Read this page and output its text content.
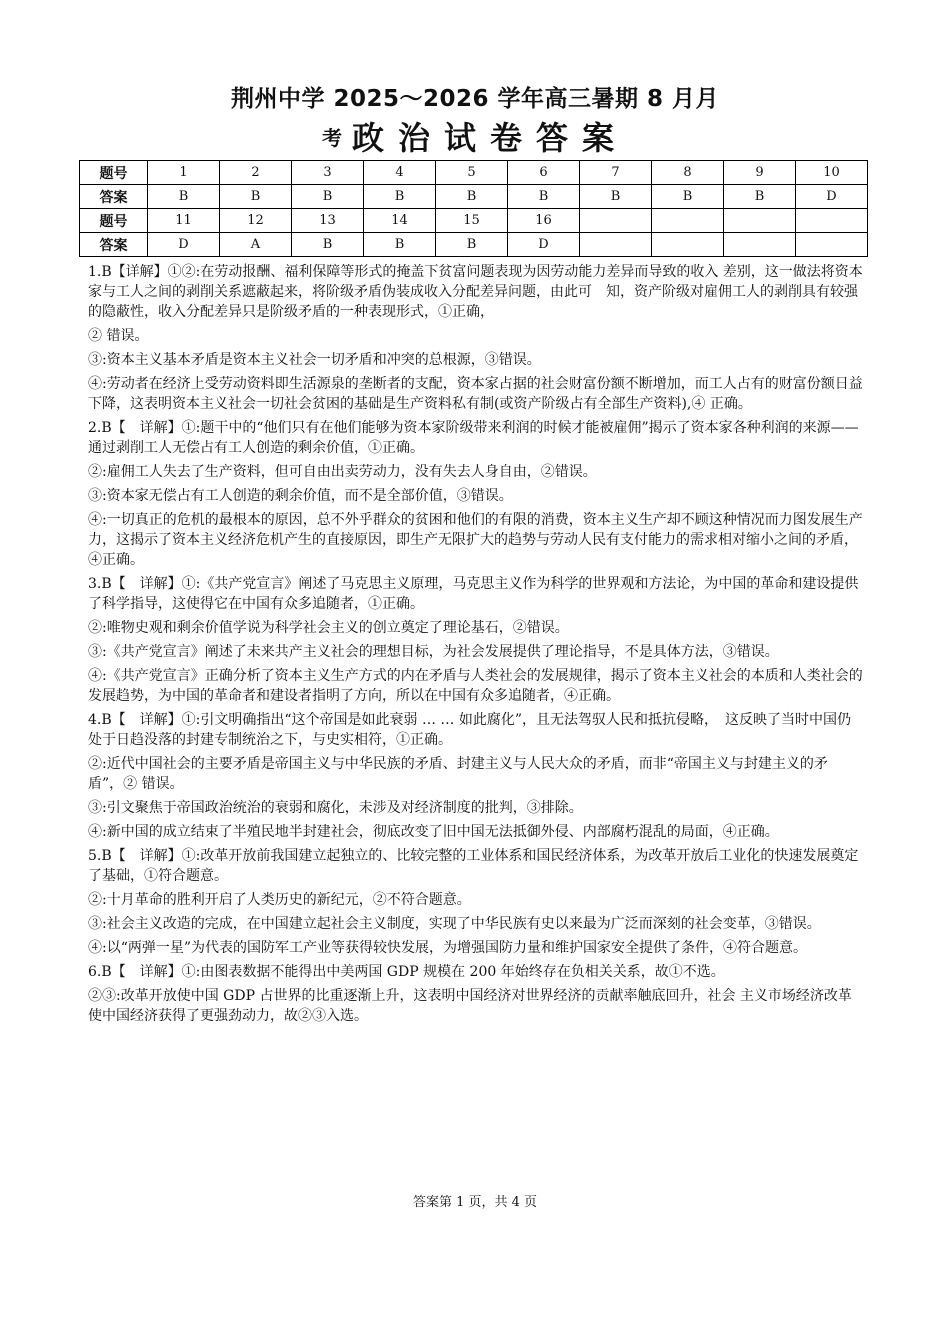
荆州中学 2025～2026 学年高三暑期 8 月月
考 政治试卷答案
题号	1	2	3	4	5	6	7	8	9	10
答案	B	B	B	B	B	B	B	B	B	D
题号	11	12	13	14	15	16				
答案	D	A	B	B	B	D				

1.B【详解】①②:在劳动报酬、福利保障等形式的掩盖下贫富问题表现为因劳动能力差异而导致的收入 差别，这一做法将资本家与工人之间的剥削关系遮蔽起来，将阶级矛盾伪装成收入分配差异问题，由此可　知，资产阶级对雇佣工人的剥削具有较强的隐蔽性，收入分配差异只是阶级矛盾的一种表现形式，①正确，

② 错误。

③:资本主义基本矛盾是资本主义社会一切矛盾和冲突的总根源，③错误。

④:劳动者在经济上受劳动资料即生活源泉的垄断者的支配，资本家占据的社会财富份额不断增加，而工人占有的财富份额日益下降，这表明资本主义社会一切社会贫困的基础是生产资料私有制(或资产阶级占有全部生产资料),④ 正确。

2.B【　详解】①:题干中的“他们只有在他们能够为资本家阶级带来利润的时候才能被雇佣”揭示了资本家各种利润的来源——通过剥削工人无偿占有工人创造的剩余价值，①正确。

②:雇佣工人失去了生产资料，但可自由出卖劳动力，没有失去人身自由，②错误。

③:资本家无偿占有工人创造的剩余价值，而不是全部价值，③错误。

④:一切真正的危机的最根本的原因，总不外乎群众的贫困和他们的有限的消费，资本主义生产却不顾这种情况而力图发展生产力，这揭示了资本主义经济危机产生的直接原因，即生产无限扩大的趋势与劳动人民有支付能力的需求相对缩小之间的矛盾，④正确。

3.B【　详解】①:《共产党宣言》阐述了马克思主义原理，马克思主义作为科学的世界观和方法论，为中国的革命和建设提供了科学指导，这使得它在中国有众多追随者，①正确。

②:唯物史观和剩余价值学说为科学社会主义的创立奠定了理论基石，②错误。

③:《共产党宣言》阐述了未来共产主义社会的理想目标，为社会发展提供了理论指导，不是具体方法，③错误。

④:《共产党宣言》正确分析了资本主义生产方式的内在矛盾与人类社会的发展规律，揭示了资本主义社会的本质和人类社会的发展趋势，为中国的革命者和建设者指明了方向，所以在中国有众多追随者，④正确。

4.B【　详解】①:引文明确指出“这个帝国是如此衰弱 … … 如此腐化”，且无法驾驭人民和抵抗侵略，　这反映了当时中国仍处于日趋没落的封建专制统治之下，与史实相符，①正确。

②:近代中国社会的主要矛盾是帝国主义与中华民族的矛盾、封建主义与人民大众的矛盾，而非“帝国主义与封建主义的矛盾”，② 错误。

③:引文聚焦于帝国政治统治的衰弱和腐化，未涉及对经济制度的批判，③排除。

④:新中国的成立结束了半殖民地半封建社会，彻底改变了旧中国无法抵御外侵、内部腐朽混乱的局面，④正确。

5.B【　详解】①:改革开放前我国建立起独立的、比较完整的工业体系和国民经济体系，为改革开放后工业化的快速发展奠定了基础，①符合题意。

②:十月革命的胜利开启了人类历史的新纪元，②不符合题意。

③:社会主义改造的完成，在中国建立起社会主义制度，实现了中华民族有史以来最为广泛而深刻的社会变革，③错误。

④:以“两弹一星”为代表的国防军工产业等获得较快发展，为增强国防力量和维护国家安全提供了条件，④符合题意。

6.B【　详解】①:由图表数据不能得出中美两国 GDP 规模在 200 年始终存在负相关关系，故①不选。

②③:改革开放使中国 GDP 占世界的比重逐渐上升，这表明中国经济对世界经济的贡献率触底回升，社会 主义市场经济改革使中国经济获得了更强劲动力，故②③入选。

答案第 1 页，共 4 页
